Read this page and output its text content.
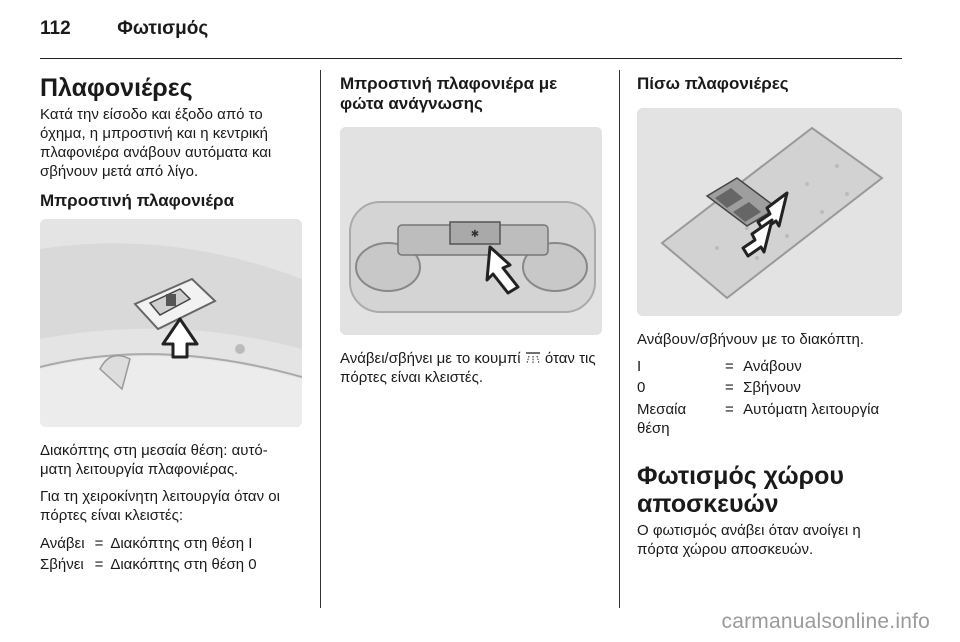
112 Φωτισμός
Πλαφονιέρες

Κατά την είσοδο και έξοδο από το όχημα, η μπροστινή και η κεντρική πλαφονιέρα ανάβουν αυτόματα και σβήνουν μετά από λίγο.

Μπροστινή πλαφονιέρα

Διακόπτης στη μεσαία θέση: αυτό- ματη λειτουργία πλαφονιέρας.

Για τη χειροκίνητη λειτουργία όταν οι πόρτες είναι κλειστές:

Ανάβει	=	Διακόπτης στη θέση I
Σβήνει	=	Διακόπτης στη θέση 0
Μπροστινή πλαφονιέρα με φώτα ανάγνωσης
✱

Ανάβει/σβήνει με το κουμπί όταν τις πόρτες είναι κλειστές.

Πίσω πλαφονιέρες

Ανάβουν/σβήνουν με το διακόπτη.

I	=	Ανάβουν
0	=	Σβήνουν
Μεσαία θέση	=	Αυτόματη λειτουργία
Φωτισμός χώρου αποσκευών

Ο φωτισμός ανάβει όταν ανοίγει η πόρτα χώρου αποσκευών.

carmanualsonline.info
